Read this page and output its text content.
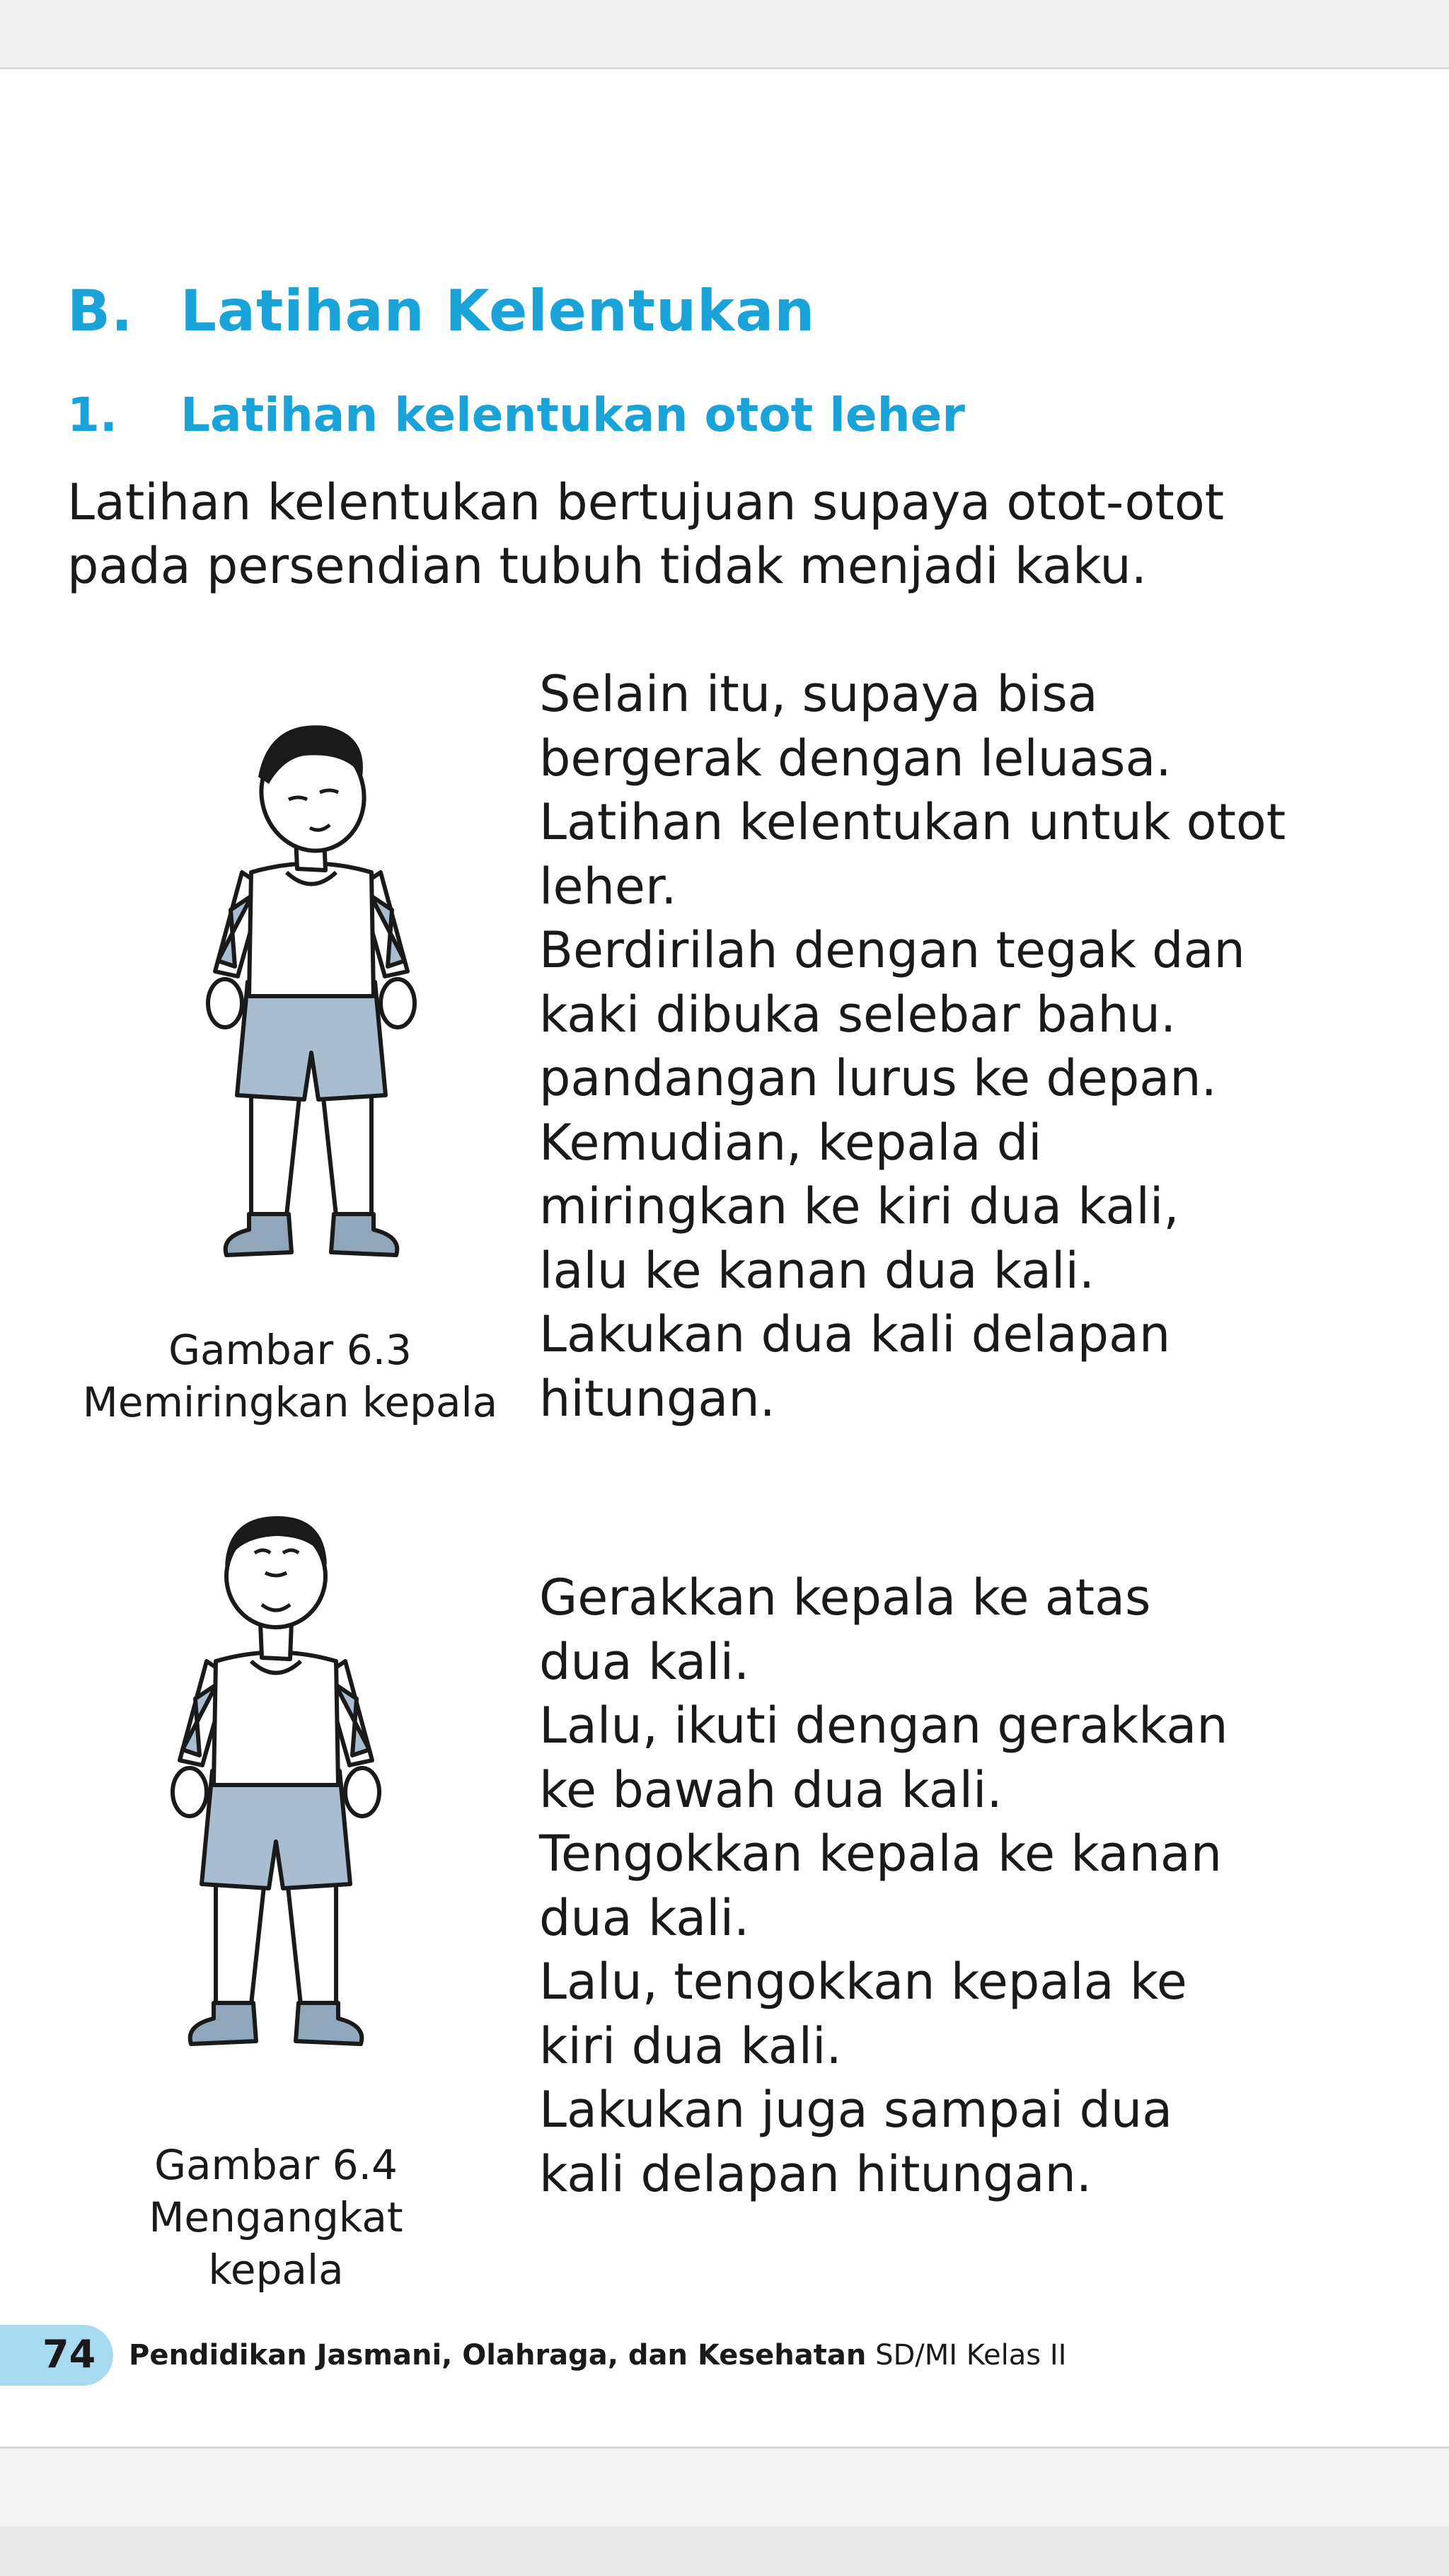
B. Latihan Kelentukan
1. Latihan kelentukan otot leher

Latihan kelentukan bertujuan supaya otot-otot pada persendian tubuh tidak menjadi kaku.

Gambar 6.3
Memiringkan kepala
Selain itu, supaya bisa
bergerak dengan leluasa.
Latihan kelentukan untuk otot
leher.
Berdirilah dengan tegak dan
kaki dibuka selebar bahu.
pandangan lurus ke depan.
Kemudian, kepala di
miringkan ke kiri dua kali,
lalu ke kanan dua kali.
Lakukan dua kali delapan
hitungan.
Gambar 6.4
Mengangkat
kepala
Gerakkan kepala ke atas
dua kali.
Lalu, ikuti dengan gerakkan
ke bawah dua kali.
Tengokkan kepala ke kanan
dua kali.
Lalu, tengokkan kepala ke
kiri dua kali.
Lakukan juga sampai dua
kali delapan hitungan.
74 Pendidikan Jasmani, Olahraga, dan Kesehatan SD/MI Kelas II
